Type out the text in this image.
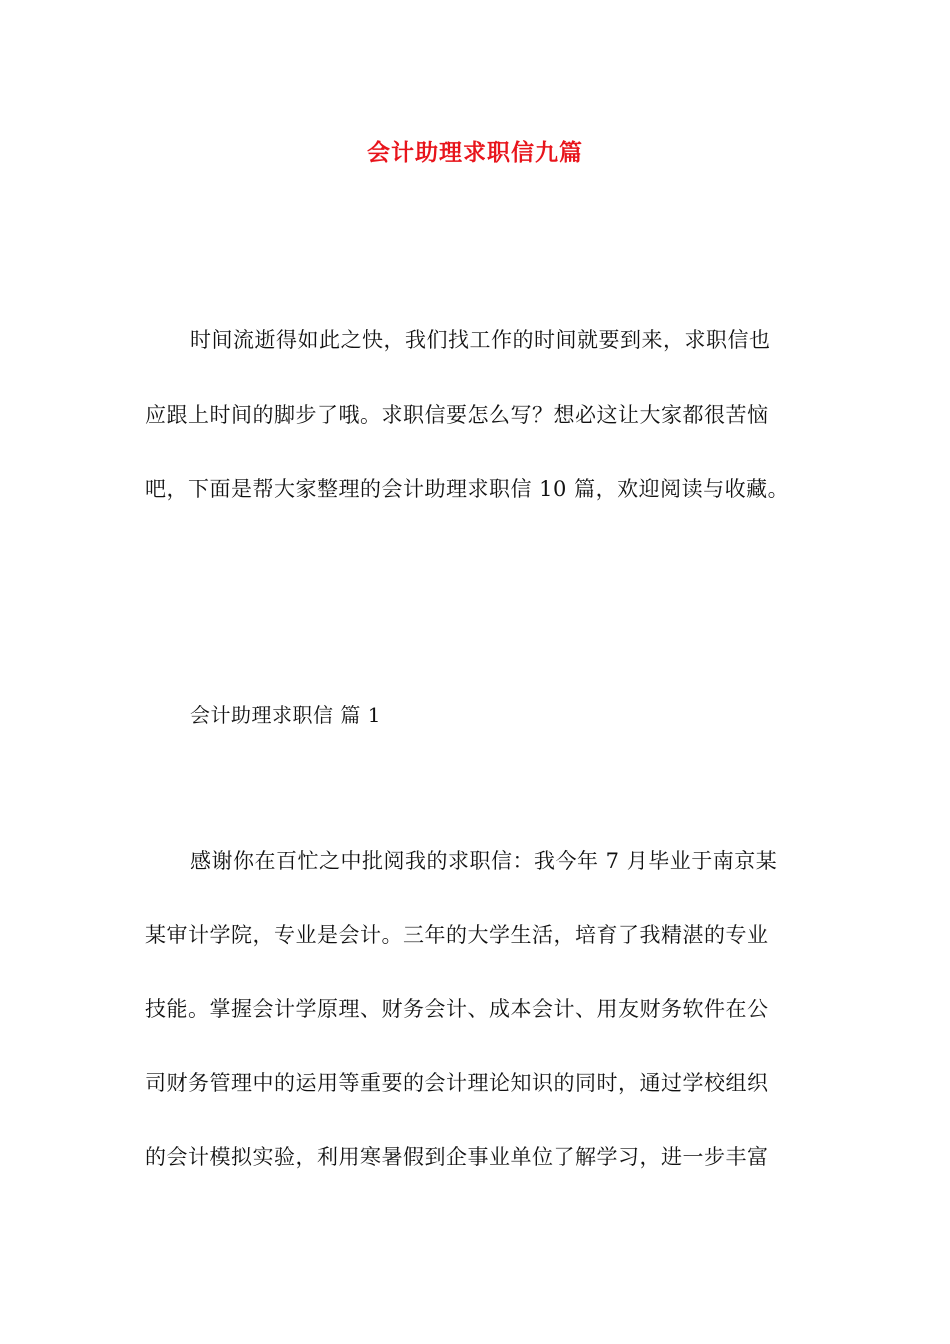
会计助理求职信九篇
时间流逝得如此之快，我们找工作的时间就要到来，求职信也
应跟上时间的脚步了哦。求职信要怎么写？想必这让大家都很苦恼
吧，下面是帮大家整理的会计助理求职信 10 篇，欢迎阅读与收藏。
会计助理求职信 篇 1
感谢你在百忙之中批阅我的求职信：我今年 7 月毕业于南京某
某审计学院，专业是会计。三年的大学生活，培育了我精湛的专业
技能。掌握会计学原理、财务会计、成本会计、用友财务软件在公
司财务管理中的运用等重要的会计理论知识的同时，通过学校组织
的会计模拟实验，利用寒暑假到企事业单位了解学习，进一步丰富
